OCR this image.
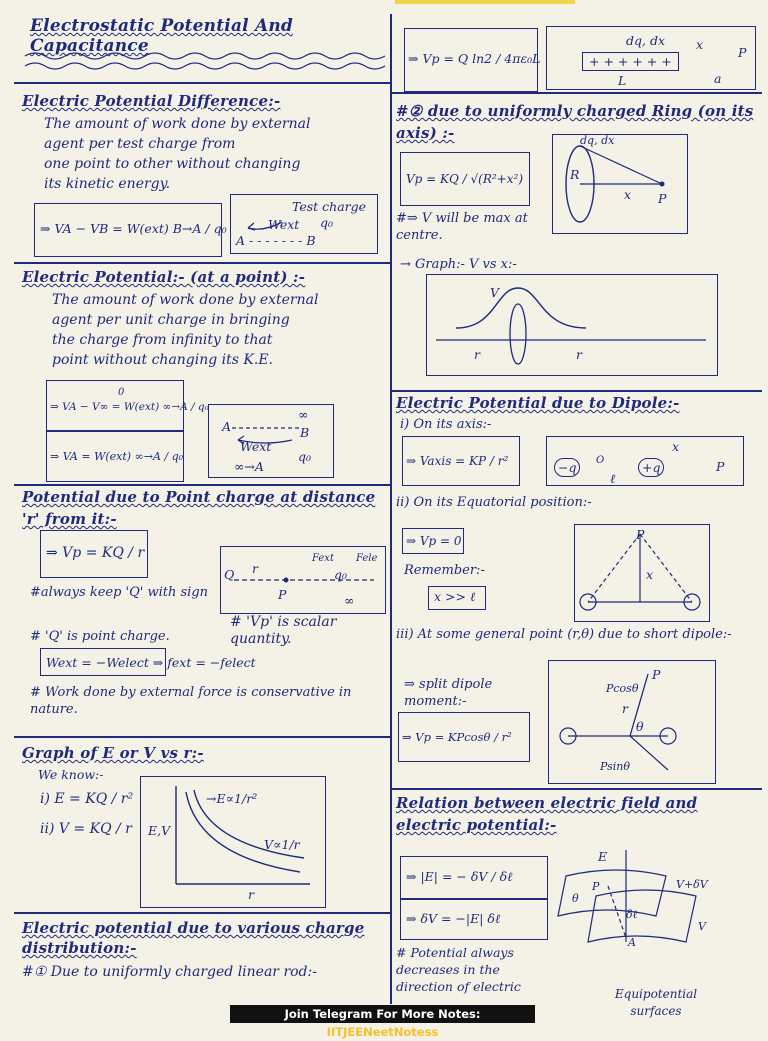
Electrostatic Potential And Capacitance
Electric Potential Difference:-
The amount of work done by external
agent per test charge from
one point to other without changing
its kinetic energy.
⇒ VA − VB = W(ext) B→A / q₀
Test charge
Wext q₀
A - - - - - - - B
Electric Potential:- (at a point) :-
The amount of work done by external
agent per unit charge in bringing
the charge from infinity to that
point without changing its K.E.
⇒ VA − V∞ = W(ext) ∞→A / q₀
0
⇒ VA = W(ext) ∞→A / q₀
A	B
∞
Wext
q₀
∞→A
Potential due to Point charge at distance 'r' from it:-
⇒ Vp = KQ / r
Q r
P
Fext Fele
q₀
∞
#always keep 'Q' with sign
# 'Q' is point charge.
# 'Vp' is scalar quantity.
Wext = −Welect ⇒ fext = −felect
# Work done by external force is conservative in nature.
Graph of E or V vs r:-
We know:-
i) E = KQ / r²
ii) V = KQ / r	E,V
r
→E∝1/r²
V∝1/r
Electric potential due to various charge distribution:-
#① Due to uniformly charged linear rod:-
⇒ Vp = Q ln2 / 4πε₀L	+ + + + + +
dq, dx x
P
L	a
#② due to uniformly charged Ring (on its axis) :-
Vp = KQ / √(R²+x²)
dq, dx
R
x P
#⇒ V will be max at centre.
→ Graph:- V vs x:-
V
r	r
Electric Potential due to Dipole:-
i) On its axis:-
⇒ Vaxis = KP / r²	−q	+q
O
x
ℓ
P
ii) On its Equatorial position:-
⇒ Vp = 0
Remember:-
x >> ℓ
P
x
iii) At some general point (r,θ) due to short dipole:-
⇒ split dipole moment:-
⇒ Vp = KPcosθ / r²
Pcosθ
Psinθ
r
θ
P
Relation between electric field and electric potential:-
⇒ |E| = − δV / δℓ
⇒ δV = −|E| δℓ
# Potential always decreases in the direction of electric
E
P
θ
δℓ
A
V
V+δV
Equipotential surfaces
Join Telegram For More Notes: IITJEENeetNotess
